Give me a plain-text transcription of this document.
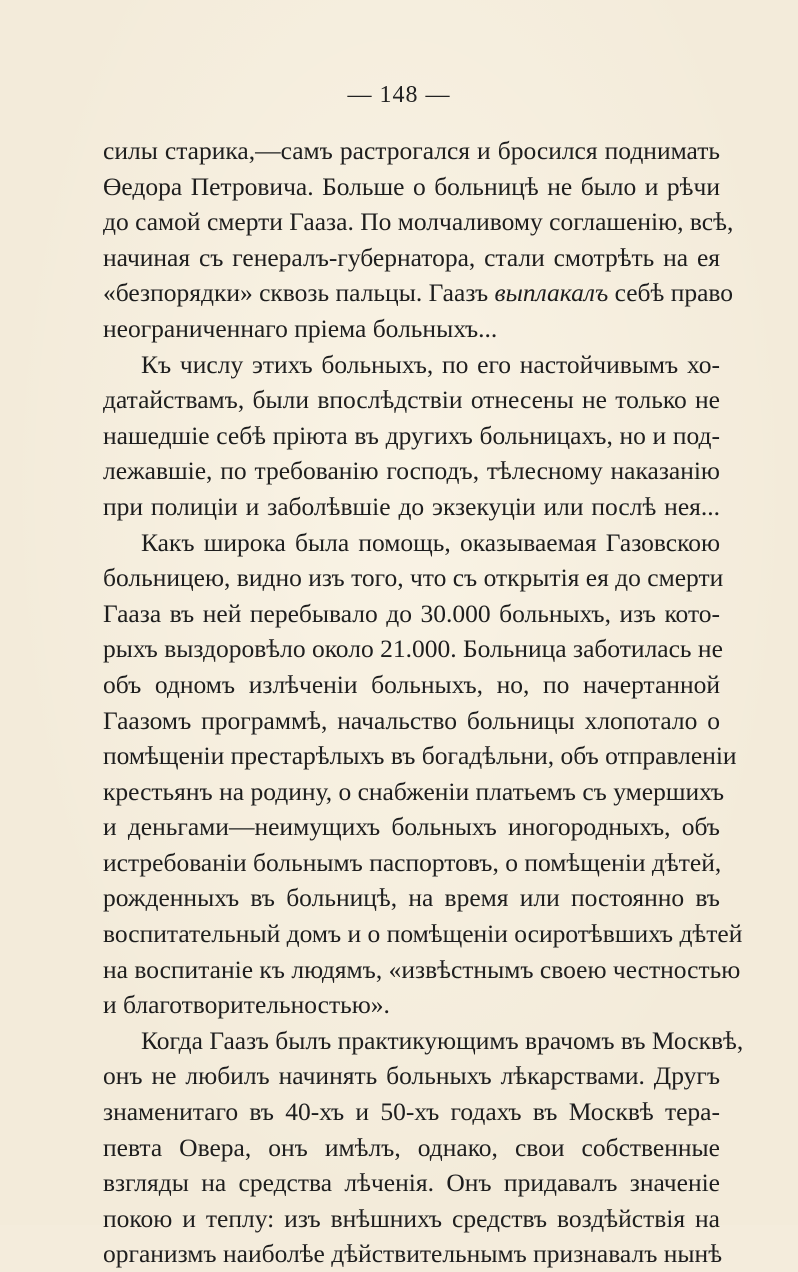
— 148 —
силы старика,—самъ растрогался и бросился поднимать
Өедора Петровича. Больше о больницѣ не было и рѣчи
до самой смерти Гааза. По молчаливому соглашенiю, всѣ,
начиная съ генералъ-губернатора, стали смотрѣть на ея
«безпорядки» сквозь пальцы. Гаазъ выплакалъ себѣ право
неограниченнаго прiема больныхъ...
Къ числу этихъ больныхъ, по его настойчивымъ хо-
датайствамъ, были впослѣдствiи отнесены не только не
нашедшiе себѣ прiюта въ другихъ больницахъ, но и под-
лежавшiе, по требованiю господъ, тѣлесному наказанiю
при полицiи и заболѣвшiе до экзекуцiи или послѣ нея...
Какъ широка была помощь, оказываемая Газовскою
больницею, видно изъ того, что съ открытiя ея до смерти
Гааза въ ней перебывало до 30.000 больныхъ, изъ кото-
рыхъ выздоровѣло около 21.000. Больница заботилась не
объ одномъ излѣченiи больныхъ, но, по начертанной
Гаазомъ программѣ, начальство больницы хлопотало о
помѣщенiи престарѣлыхъ въ богадѣльни, объ отправленiи
крестьянъ на родину, о снабженiи платьемъ съ умершихъ
и деньгами—неимущихъ больныхъ иногородныхъ, объ
истребованiи больнымъ паспортовъ, о помѣщенiи дѣтей,
рожденныхъ въ больницѣ, на время или постоянно въ
воспитательный домъ и о помѣщенiи осиротѣвшихъ дѣтей
на воспитанiе къ людямъ, «извѣстнымъ своею честностью
и благотворительностью».
Когда Гаазъ былъ практикующимъ врачомъ въ Москвѣ,
онъ не любилъ начинять больныхъ лѣкарствами. Другъ
знаменитаго въ 40-хъ и 50-хъ годахъ въ Москвѣ тера-
певта Овера, онъ имѣлъ, однако, свои собственные
взгляды на средства лѣченiя. Онъ придавалъ значенiе
покою и теплу: изъ внѣшнихъ средствъ воздѣйствiя на
организмъ наиболѣе дѣйствительнымъ признавалъ нынѣ
